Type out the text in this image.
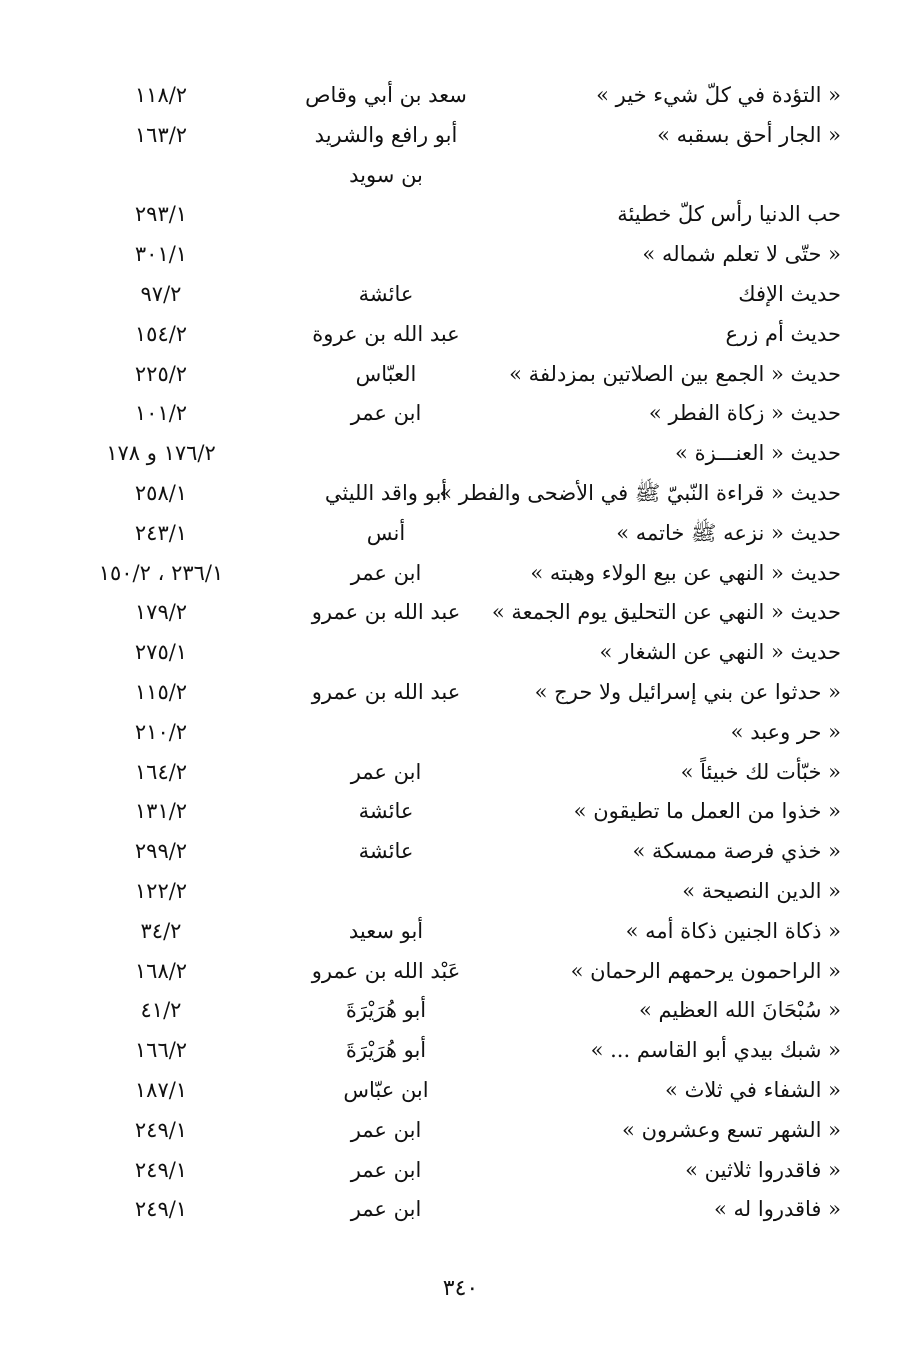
« التؤدة في كلّ شيء خير »
سعد بن أبي وقاص
١١٨/٢
« الجار أحق بسقبه »
أبو رافع والشريد بن سويد
١٦٣/٢
حب الدنيا رأس كلّ خطيئة
٢٩٣/١
« حتّى لا تعلم شماله »
٣٠١/١
حديث الإفك
عائشة
٩٧/٢
حديث أم زرع
عبد الله بن عروة
١٥٤/٢
حديث « الجمع بين الصلاتين بمزدلفة »
العبّاس
٢٢٥/٢
حديث « زكاة الفطر »
ابن عمر
١٠١/٢
حديث « العنـــزة »
١٧٦/٢ و ١٧٨
حديث « قراءة النّبيّ ﷺ في الأضحى والفطر »
أبو واقد الليثي
٢٥٨/١
حديث « نزعه ﷺ خاتمه »
أنس
٢٤٣/١
حديث « النهي عن بيع الولاء وهبته »
ابن عمر
٢٣٦/١ ، ١٥٠/٢
حديث « النهي عن التحليق يوم الجمعة »
عبد الله بن عمرو
١٧٩/٢
حديث « النهي عن الشغار »
٢٧٥/١
« حدثوا عن بني إسرائيل ولا حرج »
عبد الله بن عمرو
١١٥/٢
« حر وعبد »
٢١٠/٢
« خبّأت لك خبيئاً »
ابن عمر
١٦٤/٢
« خذوا من العمل ما تطيقون »
عائشة
١٣١/٢
« خذي فرصة ممسكة »
عائشة
٢٩٩/٢
« الدين النصيحة »
١٢٢/٢
« ذكاة الجنين ذكاة أمه »
أبو سعيد
٣٤/٢
« الراحمون يرحمهم الرحمان »
عَبْد الله بن عمرو
١٦٨/٢
« سُبْحَانَ الله العظيم »
أبو هُرَيْرَةَ
٤١/٢
« شبك بيدي أبو القاسم ... »
أبو هُرَيْرَةَ
١٦٦/٢
« الشفاء في ثلاث »
ابن عبّاس
١٨٧/١
« الشهر تسع وعشرون »
ابن عمر
٢٤٩/١
« فاقدروا ثلاثين »
ابن عمر
٢٤٩/١
« فاقدروا له »
ابن عمر
٢٤٩/١
٣٤٠
